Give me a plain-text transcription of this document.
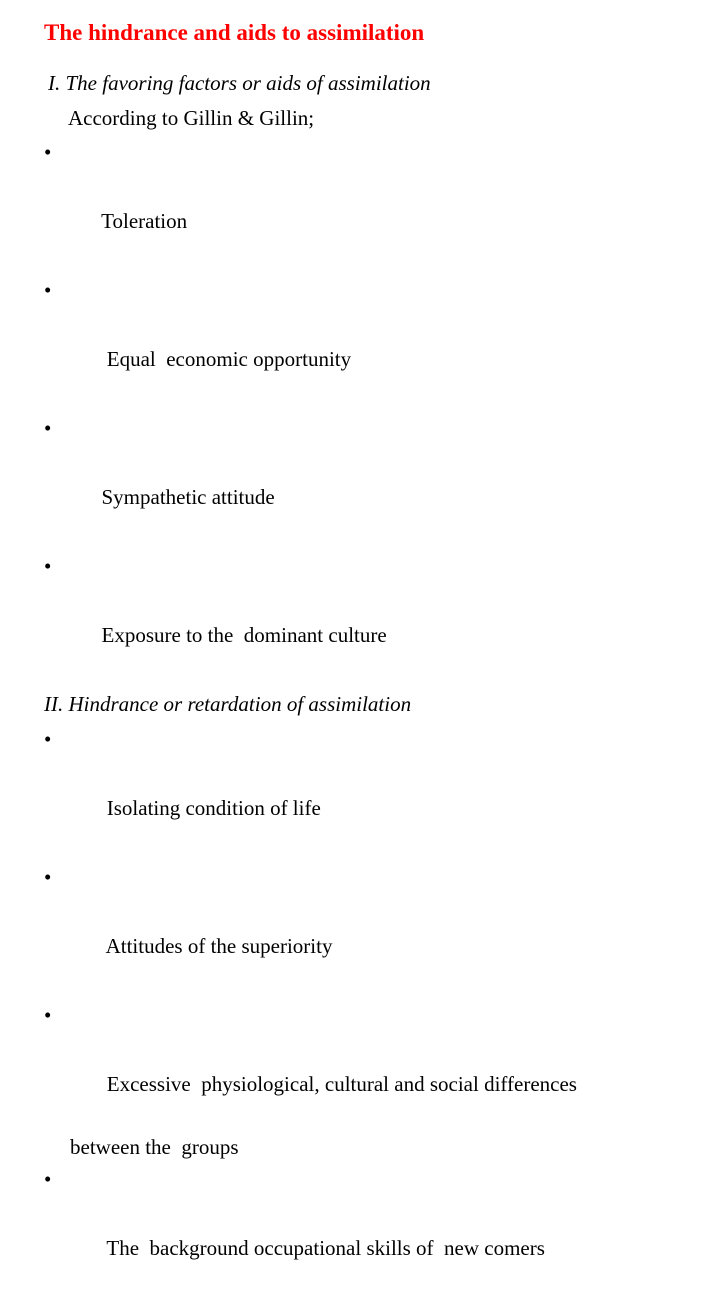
The hindrance and aids to assimilation
I. The favoring factors or aids of assimilation
According to Gillin & Gillin;

•

Toleration

•

Equal  economic opportunity

•

Sympathetic attitude

•

Exposure to the  dominant culture

II. Hindrance or retardation of assimilation

•

Isolating condition of life

•

Attitudes of the superiority

•

Excessive  physiological, cultural and social differences

between the  groups

•

The  background occupational skills of  new comers
